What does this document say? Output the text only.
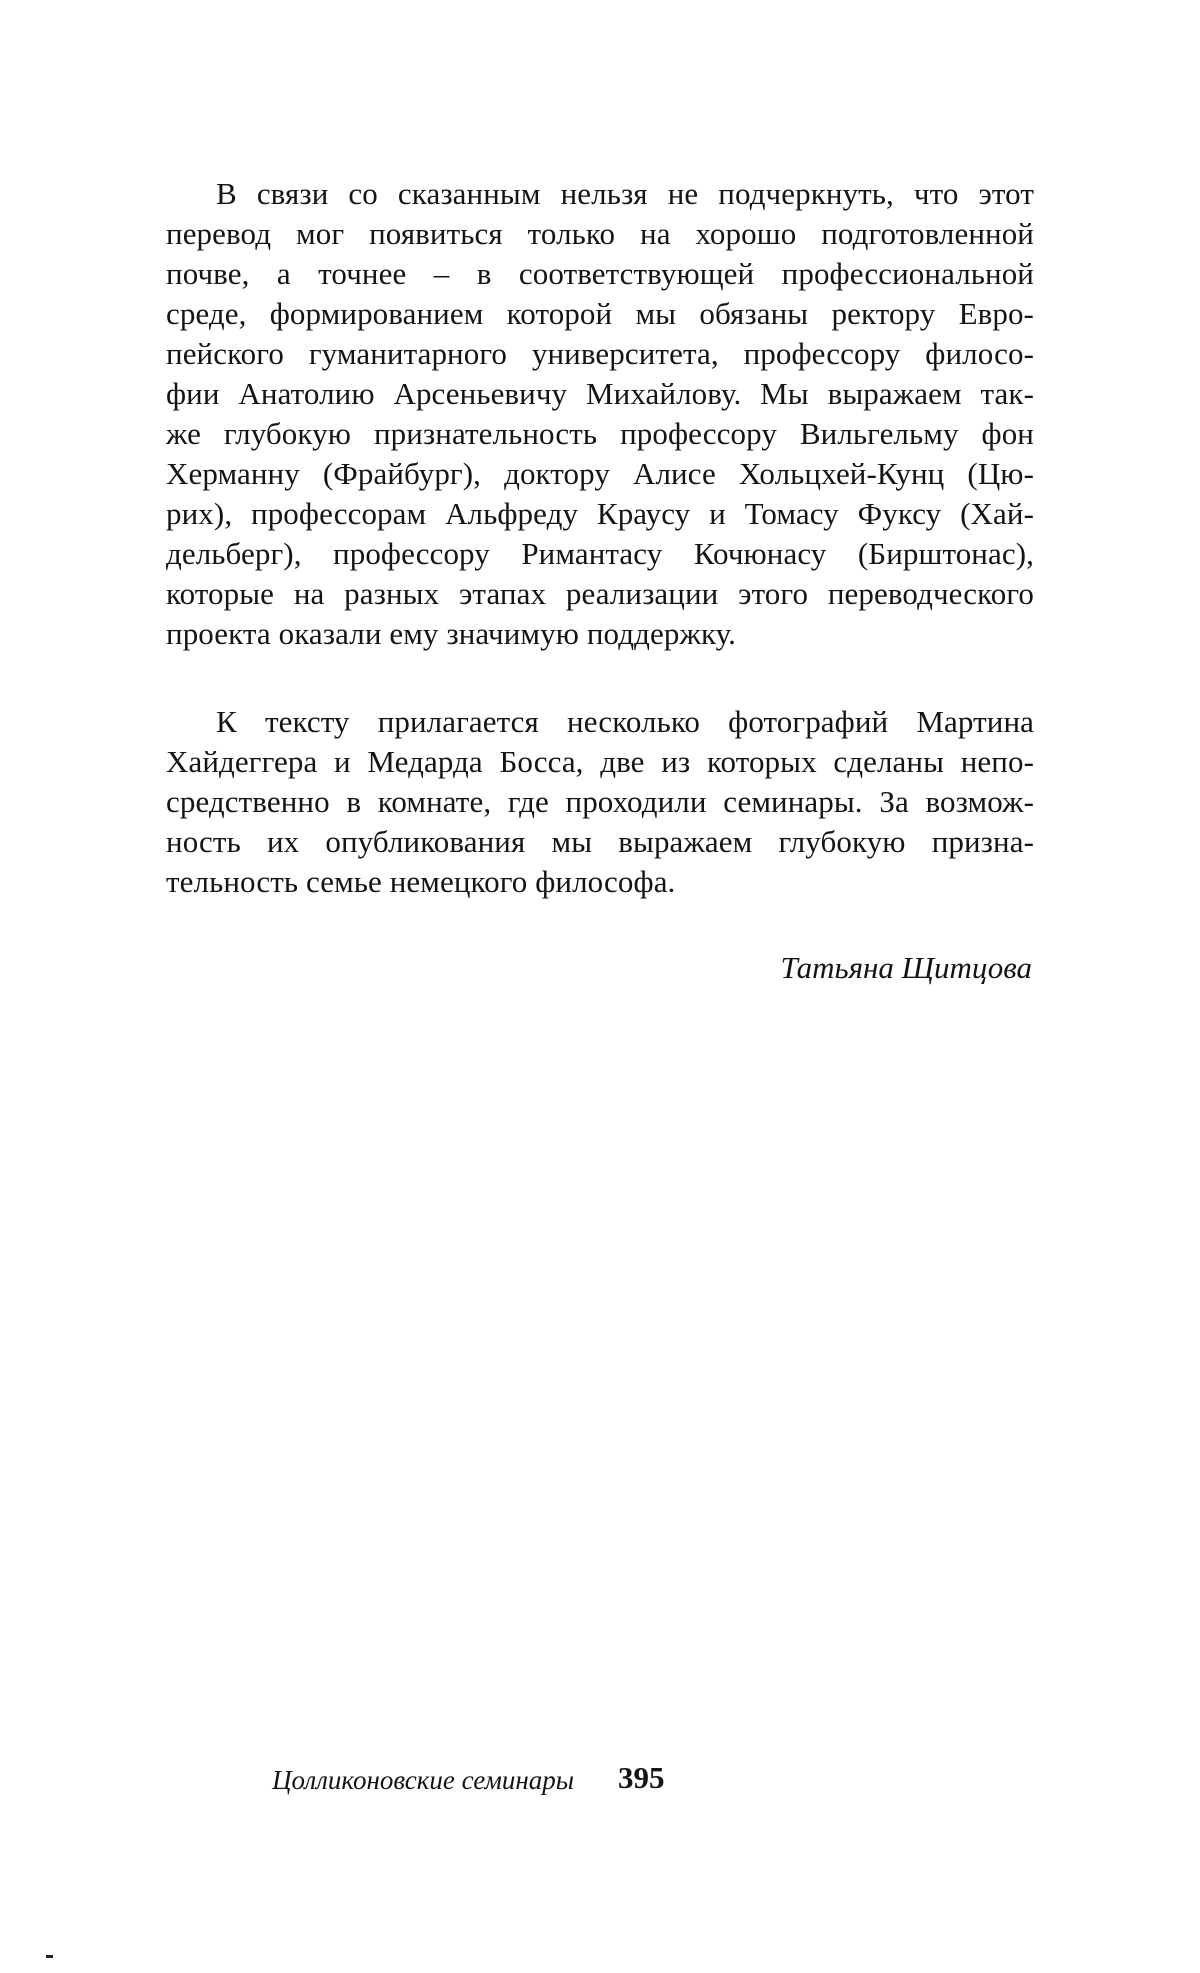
В связи со сказанным нельзя не подчеркнуть, что этот
перевод мог появиться только на хорошо подготовленной
почве, а точнее – в соответствующей профессиональной
среде, формированием которой мы обязаны ректору Евро-
пейского гуманитарного университета, профессору филосо-
фии Анатолию Арсеньевичу Михайлову. Мы выражаем так-
же глубокую признательность профессору Вильгельму фон
Херманну (Фрайбург), доктору Алисе Хольцхей-Кунц (Цю-
рих), профессорам Альфреду Краусу и Томасу Фуксу (Хай-
дельберг), профессору Римантасу Кочюнасу (Бирштонас),
которые на разных этапах реализации этого переводческого
проекта оказали ему значимую поддержку.
К тексту прилагается несколько фотографий Мартина
Хайдеггера и Медарда Босса, две из которых сделаны непо-
средственно в комнате, где проходили семинары. За возмож-
ность их опубликования мы выражаем глубокую призна-
тельность семье немецкого философа.
Татьяна Щитцова
Цолликоновские семинары 395
